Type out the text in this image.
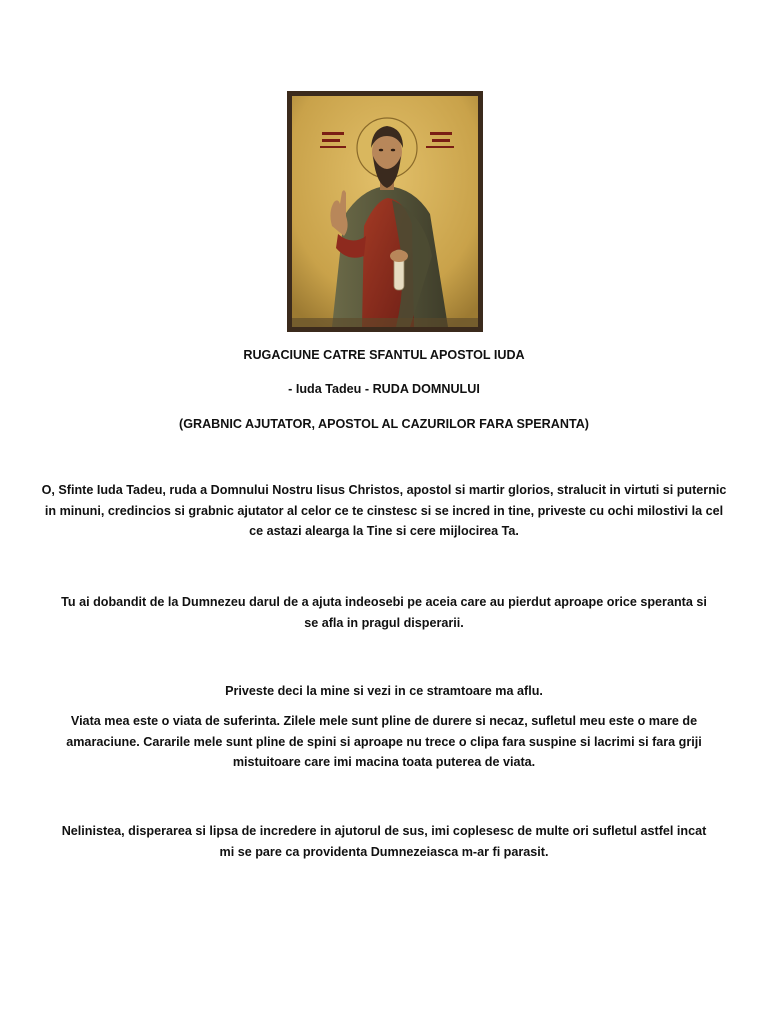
RUGACIUNE CATRE SFANTUL APOSTOL IUDA

- Iuda Tadeu - RUDA DOMNULUI

(GRABNIC AJUTATOR, APOSTOL AL CAZURILOR FARA SPERANTA)

O, Sfinte Iuda Tadeu, ruda a Domnului Nostru Iisus Christos, apostol si martir glorios, stralucit in virtuti si puternic in minuni, credincios si grabnic ajutator al celor ce te cinstesc si se incred in tine, priveste cu ochi milostivi la cel ce astazi alearga la Tine si cere mijlocirea Ta.

Tu ai dobandit de la Dumnezeu darul de a ajuta indeosebi pe aceia care au pierdut aproape orice speranta si se afla in pragul disperarii.

Priveste deci la mine si vezi in ce stramtoare ma aflu.

Viata mea este o viata de suferinta. Zilele mele sunt pline de durere si necaz, sufletul meu este o mare de amaraciune. Cararile mele sunt pline de spini si aproape nu trece o clipa fara suspine si lacrimi si fara griji mistuitoare care imi macina toata puterea de viata.

Nelinistea, disperarea si lipsa de incredere in ajutorul de sus, imi coplesesc de multe ori sufletul astfel incat mi se pare ca providenta Dumnezeiasca m-ar fi parasit.
